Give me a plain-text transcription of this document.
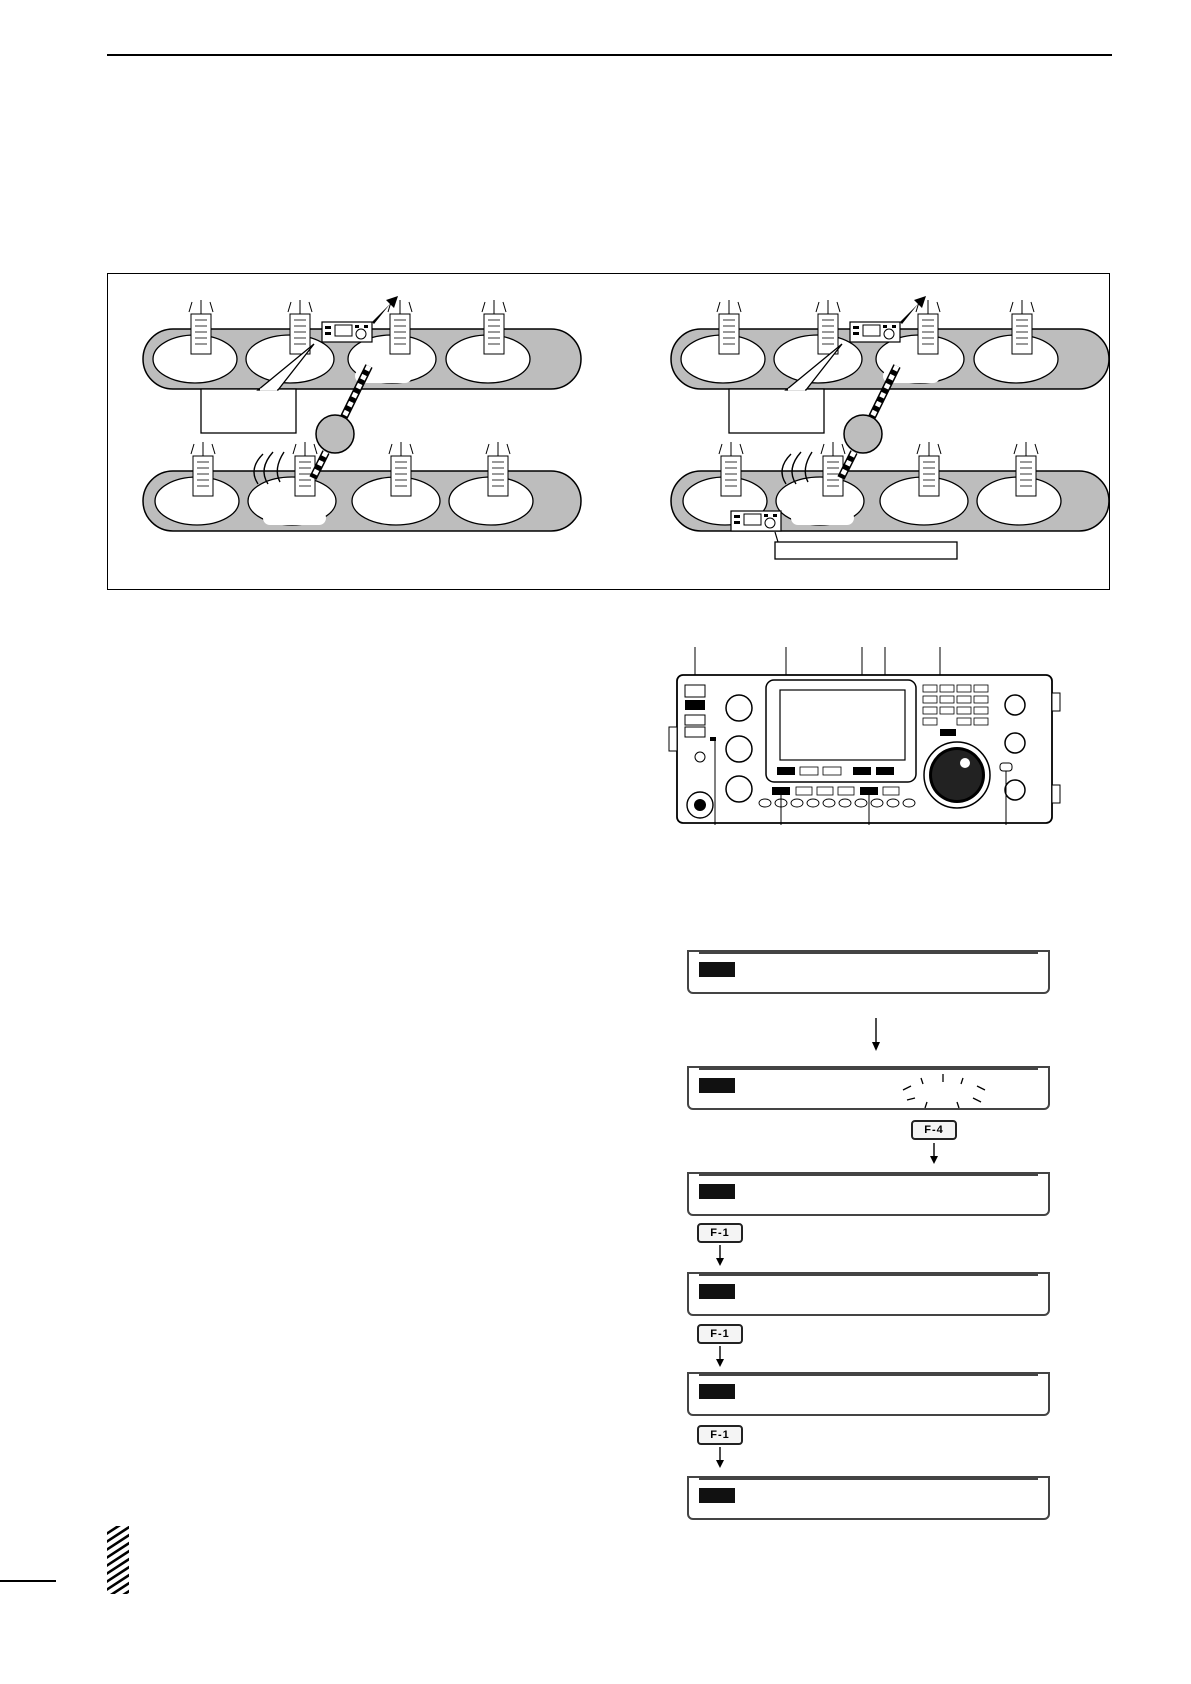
F-4
F-1
F-1
F-1
